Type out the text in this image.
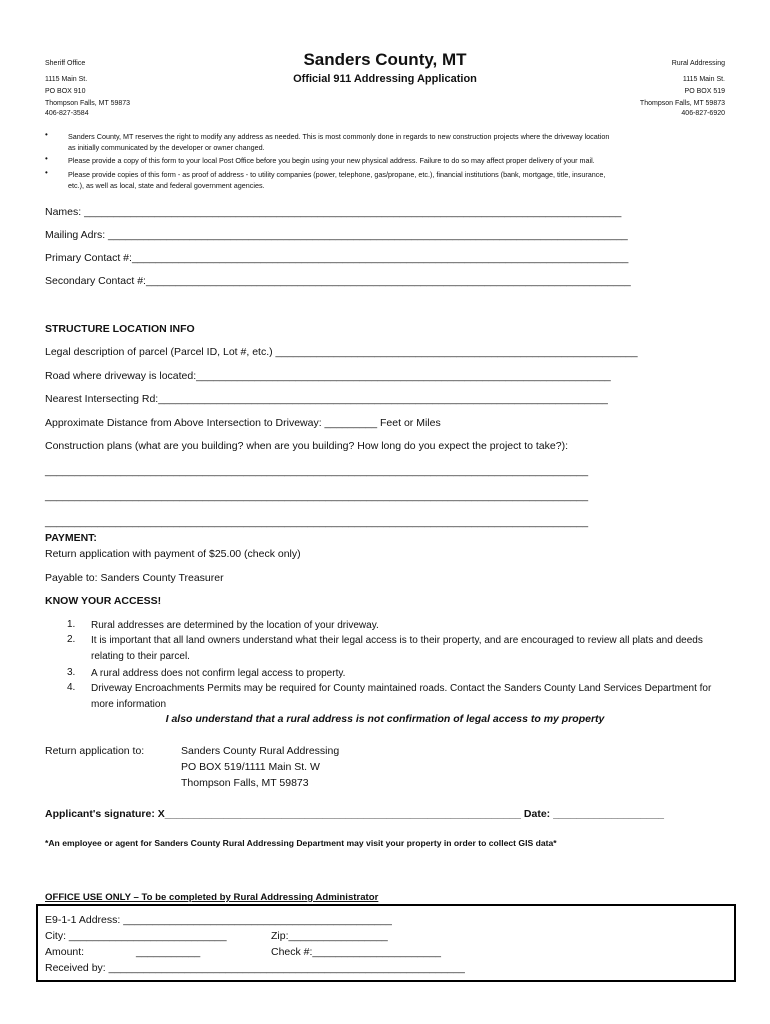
Sheriff Office
1115 Main St.
PO BOX 910
Thompson Falls, MT 59873
406-827-3584
Sanders County, MT
Official 911 Addressing Application
Rural Addressing
1115 Main St.
PO BOX 519
Thompson Falls, MT 59873
406-827-6920
•	Sanders County, MT reserves the right to modify any address as needed. This is most commonly done in regards to new construction projects where the driveway location
as initially communicated by the developer or owner changed.
•	Please provide a copy of this form to your local Post Office before you begin using your new physical address. Failure to do so may affect proper delivery of your mail.
•	Please provide copies of this form - as proof of address - to utility companies (power, telephone, gas/propane, etc.), financial institutions (bank, mortgage, title, insurance,
etc.), as well as local, state and federal government agencies.
Names: ____________________________________________________________________________________________
Mailing Adrs: _________________________________________________________________________________________
Primary Contact #:_____________________________________________________________________________________
Secondary Contact #:___________________________________________________________________________________
STRUCTURE LOCATION INFO
Legal description of parcel (Parcel ID, Lot #, etc.) ______________________________________________________________
Road where driveway is located:_______________________________________________________________________
Nearest Intersecting Rd:_____________________________________________________________________________
Approximate Distance from Above Intersection to Driveway: _________ Feet or Miles
Construction plans (what are you building? when are you building? How long do you expect the project to take?):
_____________________________________________________________________________________________
_____________________________________________________________________________________________
_____________________________________________________________________________________________
PAYMENT:
Return application with payment of $25.00 (check only)
Payable to: Sanders County Treasurer
KNOW YOUR ACCESS!
1. Rural addresses are determined by the location of your driveway.
2. It is important that all land owners understand what their legal access is to their property, and are encouraged to review all plats and deeds relating to their parcel.
3. A rural address does not confirm legal access to property.
4. Driveway Encroachments Permits may be required for County maintained roads. Contact the Sanders County Land Services Department for more information
I also understand that a rural address is not confirmation of legal access to my property
Return application to:	Sanders County Rural Addressing
PO BOX 519/1111 Main St. W
Thompson Falls, MT 59873
Applicant's signature: X_____________________________________________________________ Date: ___________________
*An employee or agent for Sanders County Rural Addressing Department may visit your property in order to collect GIS data*
OFFICE USE ONLY – To be completed by Rural Addressing Administrator
E9-1-1 Address: ______________________________________________
City: ___________________________	Zip:_________________
Amount:	___________	Check #:______________________
Received by: _____________________________________________________________
